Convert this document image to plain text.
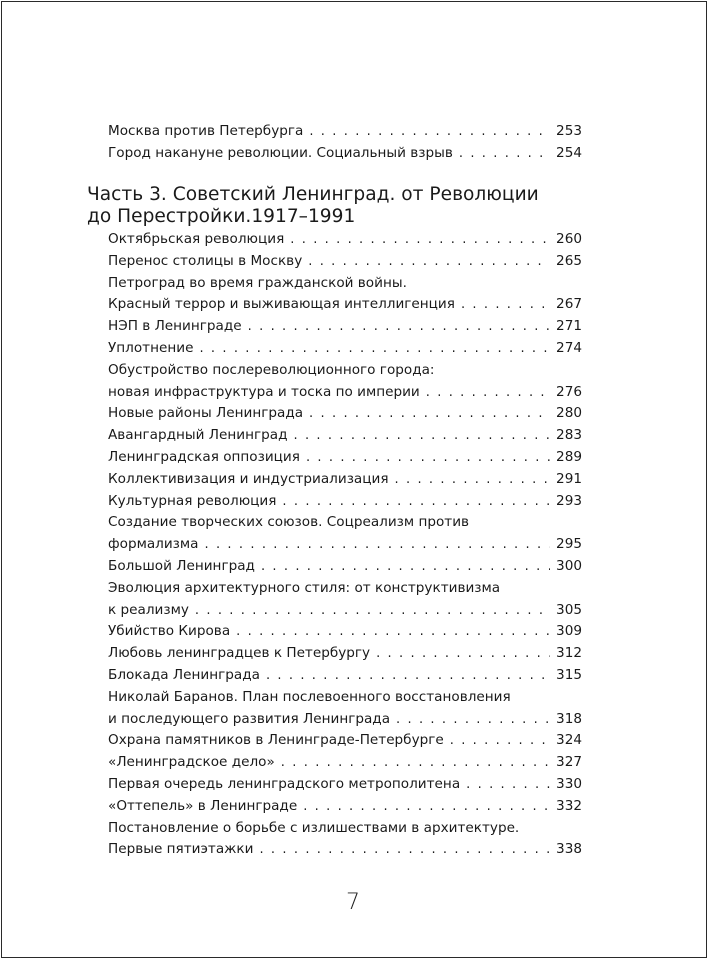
Москва против Петербурга . . .	253
Город накануне революции. Социальный взрыв . . .	254
Часть 3. Советский Ленинград. от Революции
до Перестройки.1917–1991
Октябрьская революция . . .	260
Перенос столицы в Москву . . .	265
Петроград во время гражданской войны.
Красный террор и выживающая интеллигенция . . .	267
НЭП в Ленинграде . . .	271
Уплотнение . . .	274
Обустройство послереволюционного города:
новая инфраструктура и тоска по империи . . .	276
Новые районы Ленинграда . . .	280
Авангардный Ленинград . . .	283
Ленинградская оппозиция . . .	289
Коллективизация и индустриализация . . .	291
Культурная революция . . .	293
Создание творческих союзов. Соцреализм против
формализма . . .	295
Большой Ленинград . . .	300
Эволюция архитектурного стиля: от конструктивизма
к реализму . . .	305
Убийство Кирова . . .	309
Любовь ленинградцев к Петербургу . . .	312
Блокада Ленинграда . . .	315
Николай Баранов. План послевоенного восстановления
и последующего развития Ленинграда . . .	318
Охрана памятников в Ленинграде-Петербурге . . .	324
«Ленинградское дело» . . .	327
Первая очередь ленинградского метрополитена . . .	330
«Оттепель» в Ленинграде . . .	332
Постановление о борьбе с излишествами в архитектуре.
Первые пятиэтажки . . .	338
7
